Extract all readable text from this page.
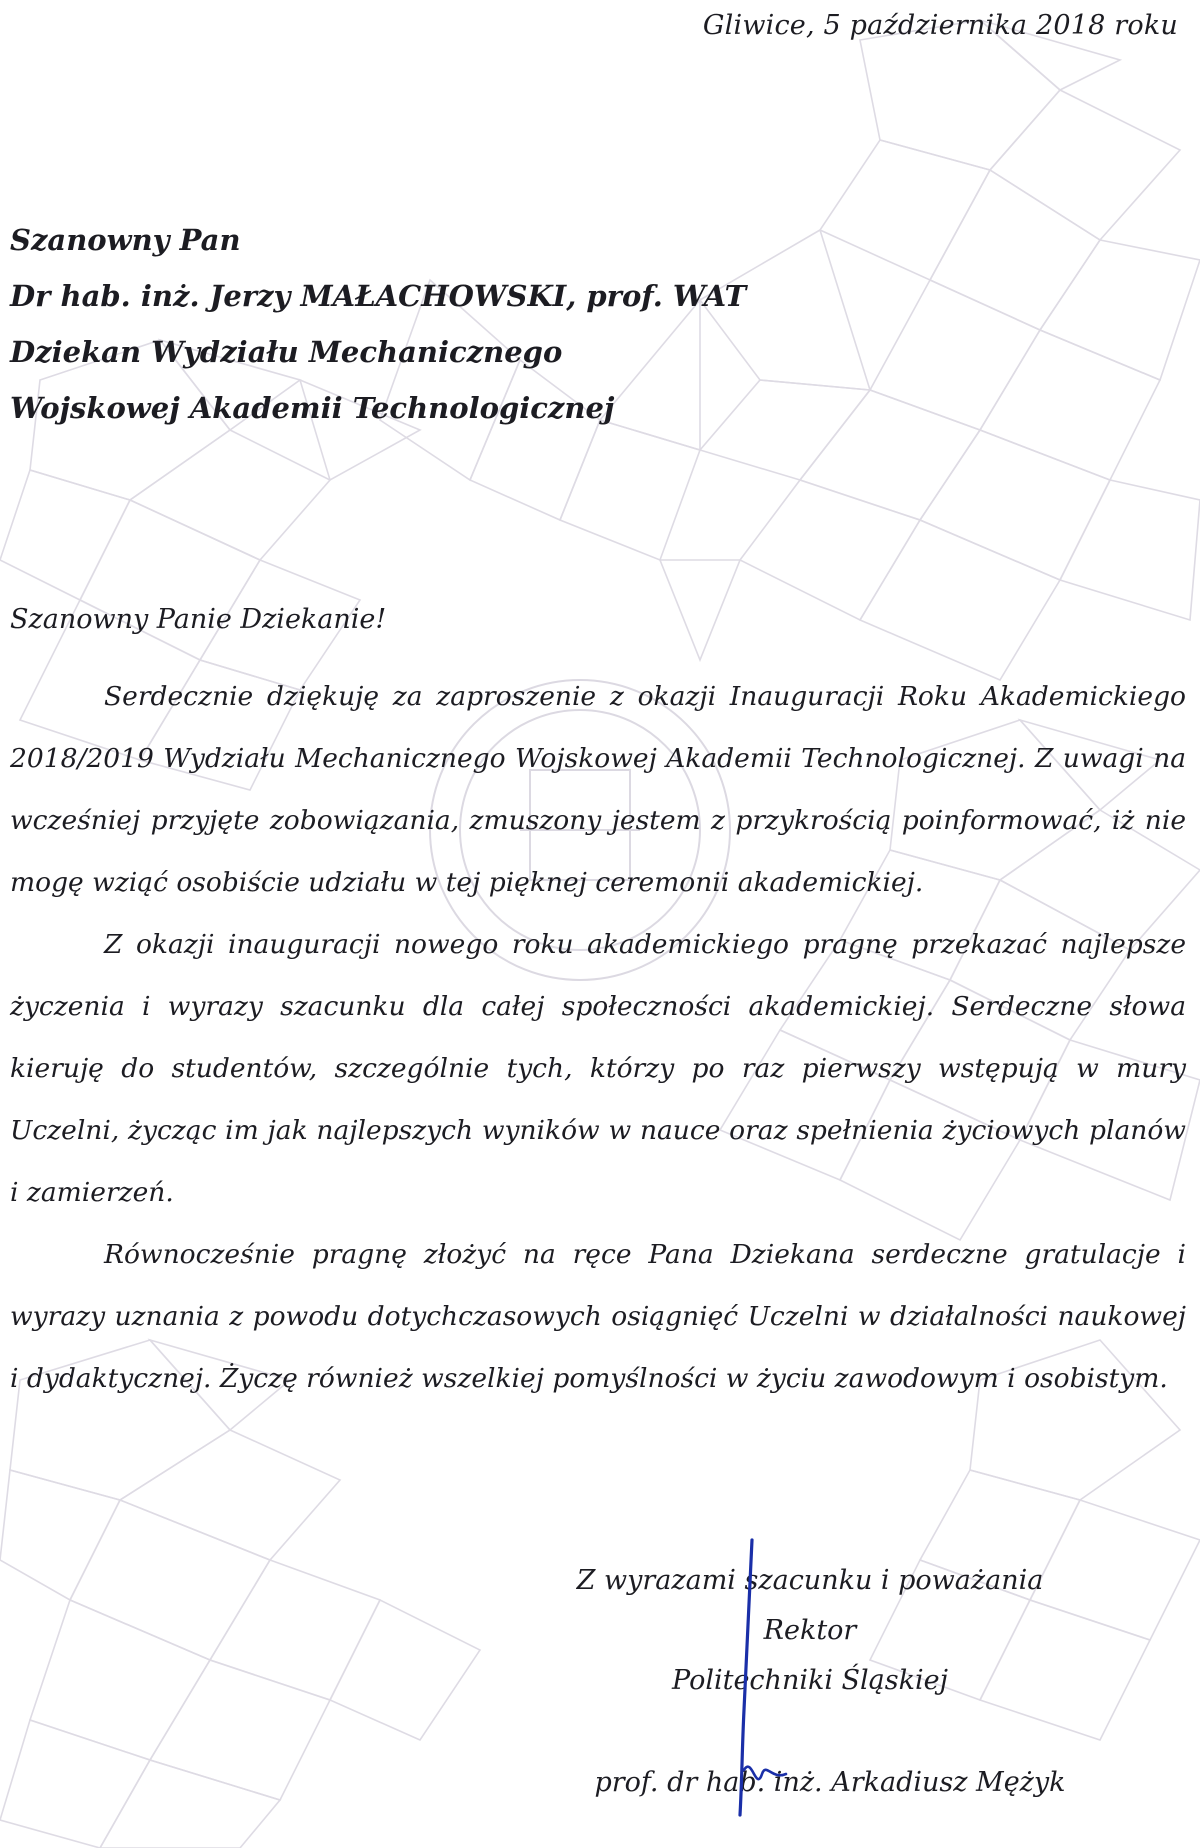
Gliwice, 5 października 2018 roku
Szanowny Pan
Dr hab. inż. Jerzy MAŁACHOWSKI, prof. WAT
Dziekan Wydziału Mechanicznego
Wojskowej Akademii Technologicznej
Szanowny Panie Dziekanie!

Serdecznie dziękuję za zaproszenie z okazji Inauguracji Roku Akademickiego 2018/2019 Wydziału Mechanicznego Wojskowej Akademii Technologicznej. Z uwagi na wcześniej przyjęte zobowiązania, zmuszony jestem z przykrością poinformować, iż nie mogę wziąć osobiście udziału w tej pięknej ceremonii akademickiej.

Z okazji inauguracji nowego roku akademickiego pragnę przekazać najlepsze życzenia i wyrazy szacunku dla całej społeczności akademickiej. Serdeczne słowa kieruję do studentów, szczególnie tych, którzy po raz pierwszy wstępują w mury Uczelni, życząc im jak najlepszych wyników w nauce oraz spełnienia życiowych planów i zamierzeń.

Równocześnie pragnę złożyć na ręce Pana Dziekana serdeczne gratulacje i wyrazy uznania z powodu dotychczasowych osiągnięć Uczelni w działalności naukowej i dydaktycznej. Życzę również wszelkiej pomyślności w życiu zawodowym i osobistym.

Z wyrazami szacunku i poważania
Rektor
Politechniki Śląskiej
prof. dr hab. inż. Arkadiusz Mężyk
